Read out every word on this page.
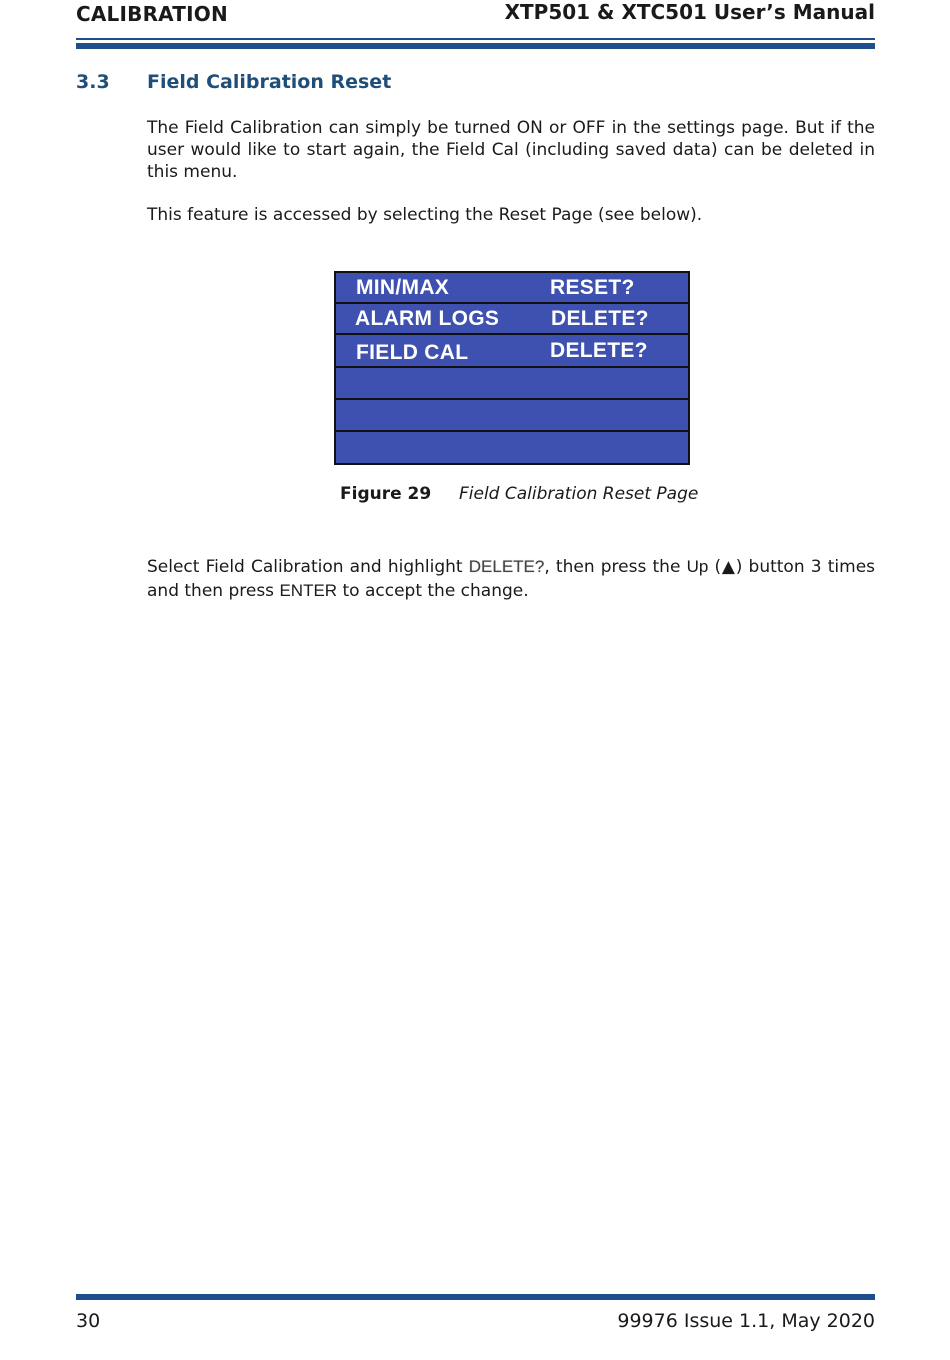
CALIBRATION	XTP501 & XTC501 User’s Manual
3.3 Field Calibration Reset
The Field Calibration can simply be turned ON or OFF in the settings page. But if the user would like to start again, the Field Cal (including saved data) can be deleted in this menu.
This feature is accessed by selecting the Reset Page (see below).
MIN/MAX	RESET?
ALARM LOGS DELETE?
FIELD CAL	DELETE?
Figure 29 Field Calibration Reset Page
Select Field Calibration and highlight DELETE?, then press the Up (▲) button 3 times and then press ENTER to accept the change.
30	99976 Issue 1.1, May 2020
